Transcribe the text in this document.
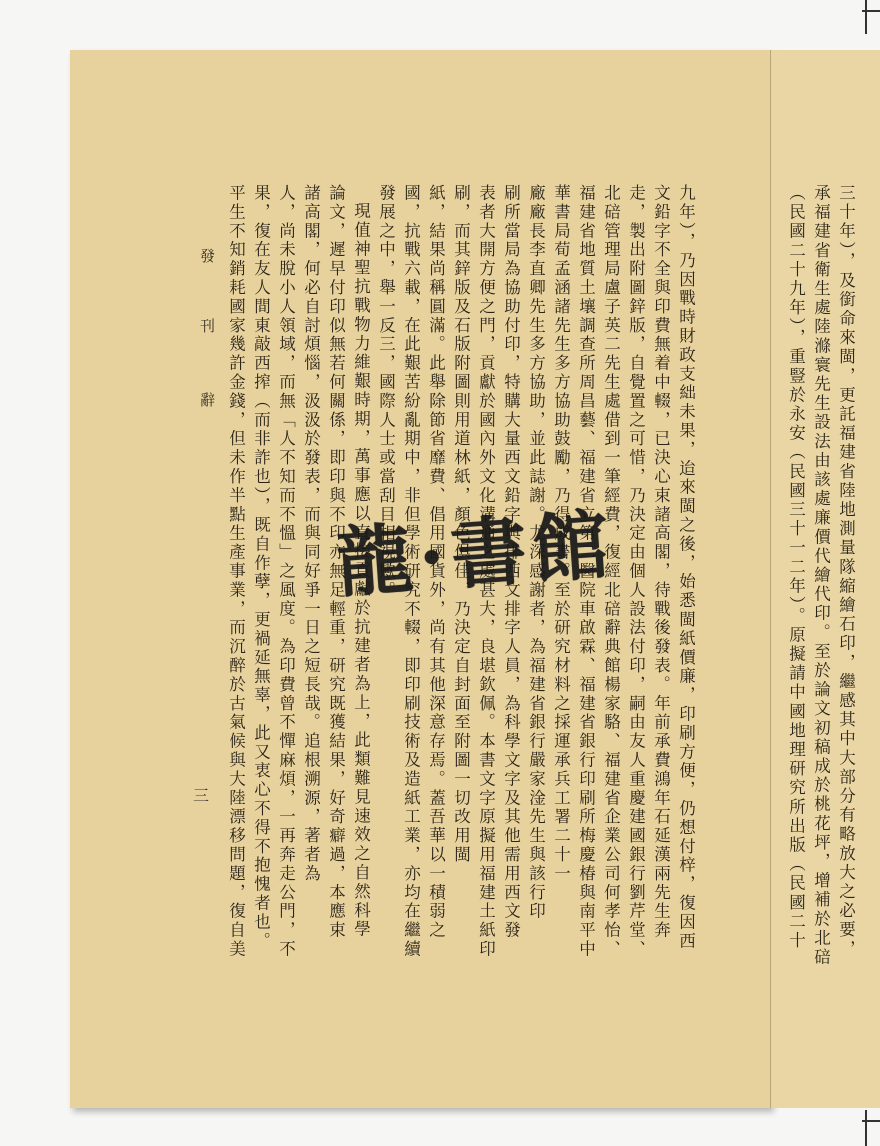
發
刊
辭
三 平生不知銷耗國家幾許金錢，但未作半點生產事業，而沉醉於古氣候與大陸漂移問題，復自美 果，復在友人間東敲西搾（而非詐也），既自作孽，更禍延無辜，此又衷心不得不抱愧者也。 人，尚未脫小人領域，而無「人不知而不慍」之風度。為印費曾不憚麻煩，一再奔走公門，不 諸高閣，何必自討煩惱，汲汲於發表，而與同好爭一日之短長哉。追根溯源，著者為 論文，遲早付印似無若何關係，即印與不印亦無足輕重，研究既獲結果，好奇癖過，本應束 現值神聖抗戰物力維艱時期，萬事應以直接貢獻於抗建者為上，此類難見速效之自然科學 發展之中，舉一反三，國際人士或當刮目相視歟。 國，抗戰六載，在此艱苦紛亂期中，非但學術研究不輟，即印刷技術及造紙工業，亦均在繼續 紙，結果尚稱圓滿。此舉除節省靡費、倡用國貨外，尚有其他深意存焉。蓋吾華以一積弱之 刷，而其鋅版及石版附圖則用道林紙，顏色俱佳，乃決定自封面至附圖一切改用閩 表者大開方便之門，貢獻於國內外文化溝通之處甚大，良堪欽佩。本書文字原擬用福建土紙印 刷所當局為協助付印，特購大量西文鉛字與排西文排字人員，為科學文字及其他需用西文發 廠廠長李直卿先生多方協助，並此誌謝。尤深感謝者，為福建省銀行嚴家淦先生與該行印 華書局荀孟涵諸先生多方協助鼓勵，乃得成書。至於研究材料之採運承兵工署二十一 福建省地質土壤調查所周昌藝、福建省立第二醫院車啟霖、福建省銀行印刷所梅慶椿與南平中 北碚管理局盧子英二先生處借到一筆經費，復經北碚辭典館楊家駱、福建省企業公司何孝怡、 走，製出附圖鋅版，自覺置之可惜，乃決定由個人設法付印，嗣由友人重慶建國銀行劉芹堂、 文鉛字不全與印費無着中輟，已決心束諸高閣，待戰後發表。年前承費鴻年石延漢兩先生奔 九年），乃因戰時財政支絀未果，迨來閩之後，始悉閩紙價廉，印刷方便，仍想付梓，復因西	（民國二十九年），重豎於永安（民國三十一二年）。原擬請中國地理研究所出版（民國二十 承福建省衛生處陸滌寰先生設法由該處廉價代繪代印。至於論文初稿成於桃花坪，增補於北碚 三十年），及銜命來閩，更託福建省陸地測量隊縮繪石印，繼感其中大部分有略放大之必要，
龍·書館
